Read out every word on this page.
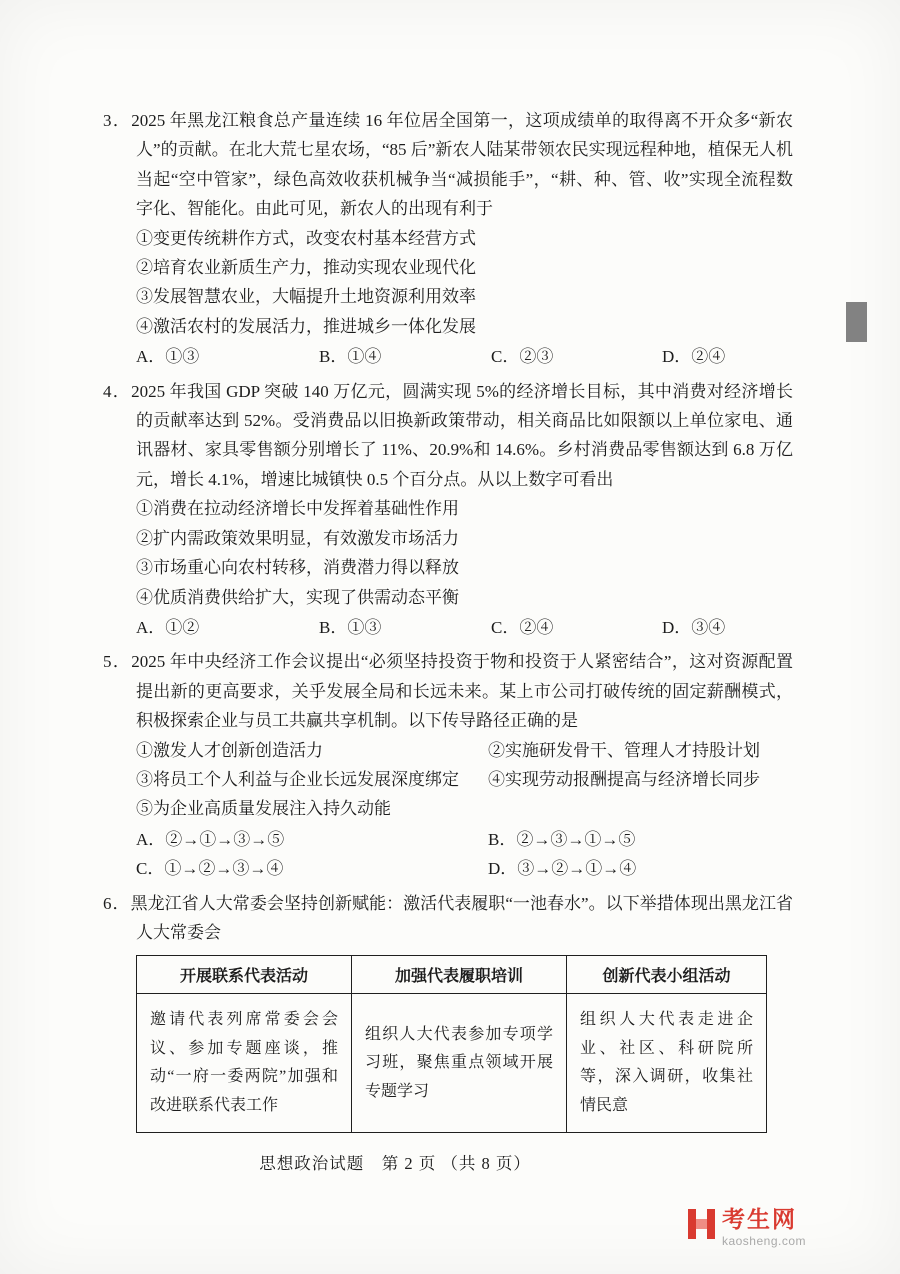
3．2025 年黑龙江粮食总产量连续 16 年位居全国第一，这项成绩单的取得离不开众多“新农人”的贡献。在北大荒七星农场，“85 后”新农人陆某带领农民实现远程种地，植保无人机当起“空中管家”，绿色高效收获机械争当“减损能手”，“耕、种、管、收”实现全流程数字化、智能化。由此可见，新农人的出现有利于

①变更传统耕作方式，改变农村基本经营方式

②培育农业新质生产力，推动实现农业现代化

③发展智慧农业，大幅提升土地资源利用效率

④激活农村的发展活力，推进城乡一体化发展

A．①③	B．①④	C．②③	D．②④

4．2025 年我国 GDP 突破 140 万亿元，圆满实现 5%的经济增长目标，其中消费对经济增长的贡献率达到 52%。受消费品以旧换新政策带动，相关商品比如限额以上单位家电、通讯器材、家具零售额分别增长了 11%、20.9%和 14.6%。乡村消费品零售额达到 6.8 万亿元，增长 4.1%，增速比城镇快 0.5 个百分点。从以上数字可看出

①消费在拉动经济增长中发挥着基础性作用

②扩内需政策效果明显，有效激发市场活力

③市场重心向农村转移，消费潜力得以释放

④优质消费供给扩大，实现了供需动态平衡

A．①②	B．①③	C．②④	D．③④

5．2025 年中央经济工作会议提出“必须坚持投资于物和投资于人紧密结合”，这对资源配置提出新的更高要求，关乎发展全局和长远未来。某上市公司打破传统的固定薪酬模式，积极探索企业与员工共赢共享机制。以下传导路径正确的是

①激发人才创新创造活力	②实施研发骨干、管理人才持股计划

③将员工个人利益与企业长远发展深度绑定	④实现劳动报酬提高与经济增长同步

⑤为企业高质量发展注入持久动能

A．②→①→③→⑤	B．②→③→①→⑤
C．①→②→③→④	D．③→②→①→④

6．黑龙江省人大常委会坚持创新赋能：激活代表履职“一池春水”。以下举措体现出黑龙江省人大常委会

开展联系代表活动	加强代表履职培训	创新代表小组活动
邀请代表列席常委会会议、参加专题座谈，推动“一府一委两院”加强和改进联系代表工作	组织人大代表参加专项学习班，聚焦重点领域开展专题学习	组织人大代表走进企业、社区、科研院所等，深入调研，收集社情民意
思想政治试题　第 2 页 （共 8 页）
考生网
kaosheng.com
